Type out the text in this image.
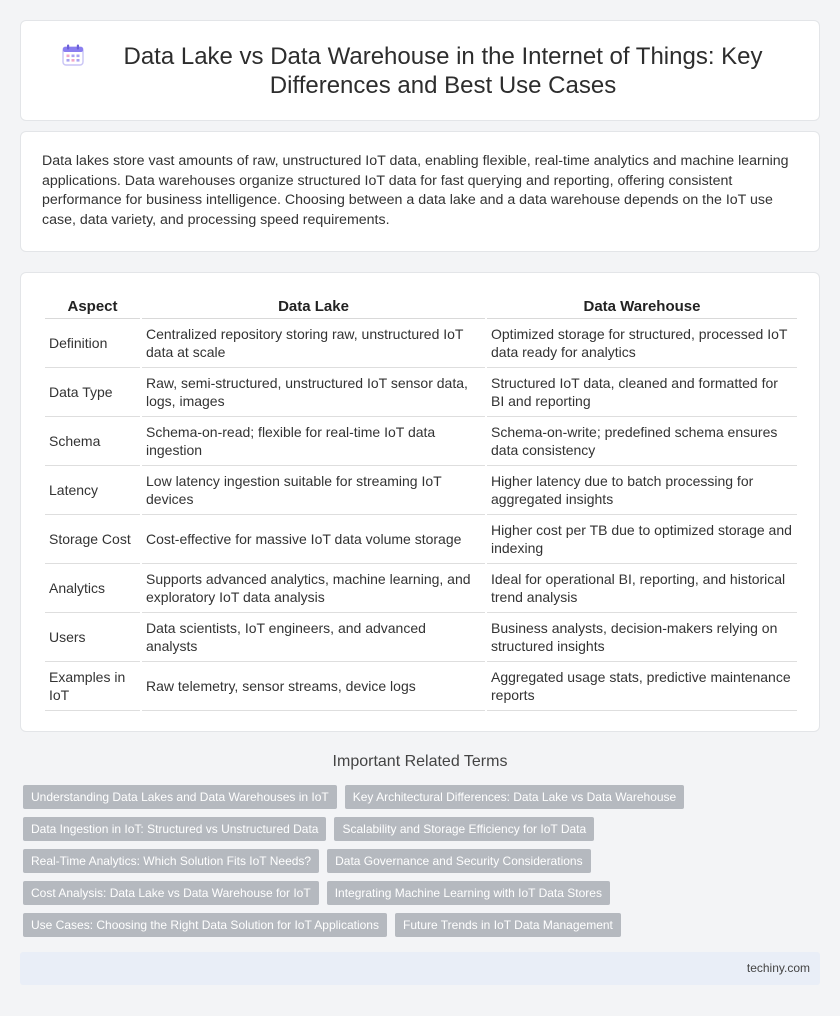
Data Lake vs Data Warehouse in the Internet of Things: Key Differences and Best Use Cases

Data lakes store vast amounts of raw, unstructured IoT data, enabling flexible, real-time analytics and machine learning applications. Data warehouses organize structured IoT data for fast querying and reporting, offering consistent performance for business intelligence. Choosing between a data lake and a data warehouse depends on the IoT use case, data variety, and processing speed requirements.

Aspect	Data Lake	Data Warehouse
Definition	Centralized repository storing raw, unstructured IoT data at scale	Optimized storage for structured, processed IoT data ready for analytics
Data Type	Raw, semi-structured, unstructured IoT sensor data, logs, images	Structured IoT data, cleaned and formatted for BI and reporting
Schema	Schema-on-read; flexible for real-time IoT data ingestion	Schema-on-write; predefined schema ensures data consistency
Latency	Low latency ingestion suitable for streaming IoT devices	Higher latency due to batch processing for aggregated insights
Storage Cost	Cost-effective for massive IoT data volume storage	Higher cost per TB due to optimized storage and indexing
Analytics	Supports advanced analytics, machine learning, and exploratory IoT data analysis	Ideal for operational BI, reporting, and historical trend analysis
Users	Data scientists, IoT engineers, and advanced analysts	Business analysts, decision-makers relying on structured insights
Examples in IoT	Raw telemetry, sensor streams, device logs	Aggregated usage stats, predictive maintenance reports
Important Related Terms
Understanding Data Lakes and Data Warehouses in IoT	Key Architectural Differences: Data Lake vs Data Warehouse
Data Ingestion in IoT: Structured vs Unstructured Data	Scalability and Storage Efficiency for IoT Data
Real-Time Analytics: Which Solution Fits IoT Needs?	Data Governance and Security Considerations
Cost Analysis: Data Lake vs Data Warehouse for IoT	Integrating Machine Learning with IoT Data Stores
Use Cases: Choosing the Right Data Solution for IoT Applications	Future Trends in IoT Data Management
techiny.com
